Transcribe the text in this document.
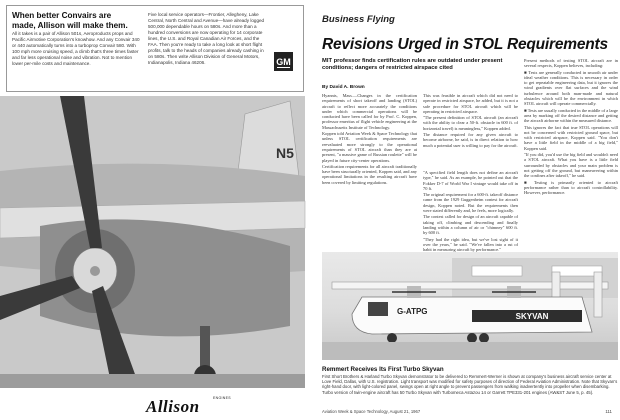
When better Convairs are made, Allison will make them.
All it takes is a pair of Allison 501s, Aeroproducts props and Pacific Airmotive Corporation's knowhow. And any Convair 340 or 440 automatically turns into a turboprop Convair 580. With 100 mph more cruising speed, a climb that's three times faster and far less operational noise and vibration. Not to mention lower per-mile costs and maintenance.
Five local service operators—Frontier, Allegheny, Lake Central, North Central and Avenue—have already logged 500,000 dependable hours on 580s. And more than a hundred conversions are now operating for 14 corporate lines, the U.S. and Royal Canadian Air Forces, and the FAA. Then you're ready to take a long look at short flight profits, talk to the heads of companies already cashing in on 580s. Then write Allison Division of General Motors, Indianapolis, Indiana 46206.	GM
N5
Allison	ENGINES
Business Flying
Revisions Urged in STOL Requirements
MIT professor finds certification rules are outdated under present conditions; dangers of restricted airspace cited
By David A. Brown

Hyannis, Mass.—Changes in the certification requirements of short takeoff and landing (STOL) aircraft to reflect more accurately the conditions under which commercial operations will be conducted have been called for by Prof. C. Koppen, professor emeritus of flight vehicle engineering at the Massachusetts Institute of Technology.

Koppen told Aviation Week & Space Technology that unless STOL certification requirements are reevaluated more strongly to the operational requirements of STOL aircraft than they are at present, "a massive game of Russian roulette" will be played in future city-center operations.

Certification requirements for all aircraft traditionally have been structurally oriented, Koppen said, and any operational limitations in the resulting aircraft have been covered by limiting regulations.

"A specified field length does not define an aircraft type," he said. As an example, he pointed out that the Fokker D-7 of World War I vintage would take off in 70 ft.

The original requirement for a 600-ft. takeoff distance came from the 1929 Guggenheim contest for aircraft design, Koppen noted. But the requirements then were stated differently and, he feels, more logically.

The contest called for design of an aircraft capable of taking off, climbing and descending and finally landing within a column of air or "chimney" 600 ft. by 600 ft.

"They had the right idea, but we've lost sight of it over the years," he said. "We've fallen into a rut of habit in measuring aircraft by performance."

This was feasible in aircraft which did not need to operate in restricted airspace, he added, but it is not a safe procedure for STOL aircraft which will be operating in restricted airspace.

"The present definition of STOL aircraft (an aircraft with the ability to clear a 50-ft. obstacle in 600 ft. of horizontal travel) is meaningless," Koppen added.

The distance required for any given aircraft to become airborne, he said, is in direct relation to how much a potential user is willing to pay for the aircraft.

Present methods of testing STOL aircraft are in several respects, Koppen believes, including:

■ Tests are generally conducted in smooth air under ideal weather conditions. This is necessary in order to get repeatable engineering data, but it ignores the wind gradients over flat surfaces and the wind turbulence around both man-made and natural obstacles which will be the environment in which STOL aircraft will operate commercially.

■ Tests are usually conducted in the middle of a large area by marking off the desired distance and getting the aircraft airborne within the measured distance.

This ignores the fact that true STOL operations will not be concerned with restricted ground space, but with restricted airspace, Koppen said. "You don't have a little field in the middle of a big field," Koppen said.

"If you did, you'd use the big field and wouldn't need a STOL aircraft. What you have is a little field surrounded by obstacles and your main problem is not getting off the ground, but maneuvering within the confines after takeoff," he said.

■ Testing is primarily oriented to aircraft performance rather than to aircraft controllability. However, performance.

SKYVAN
G-ATPG
Remmert Receives Its First Turbo Skyvan
First Short Brothers & Harland Turbo Skyvan demonstrator to be delivered to Remmert-Werner is shown at company's business aircraft service center at Love Field, Dallas, with U.S. registration. Light transport was modified for safety purposes of direction of Federal Aviation Administration. Note that Skyvan's right-hand door, with light-colored panel, swings open at right angle to prevent passengers from walking inadvertently into propeller when disembarking. Turbo version of twin-engine aircraft has 50 Turbo Skyvan with Turbomeca Astazou 14 or Garrett TPE331-201 engines (AW&ST June 5, p. 45).
Aviation Week & Space Technology, August 21, 1967	111
